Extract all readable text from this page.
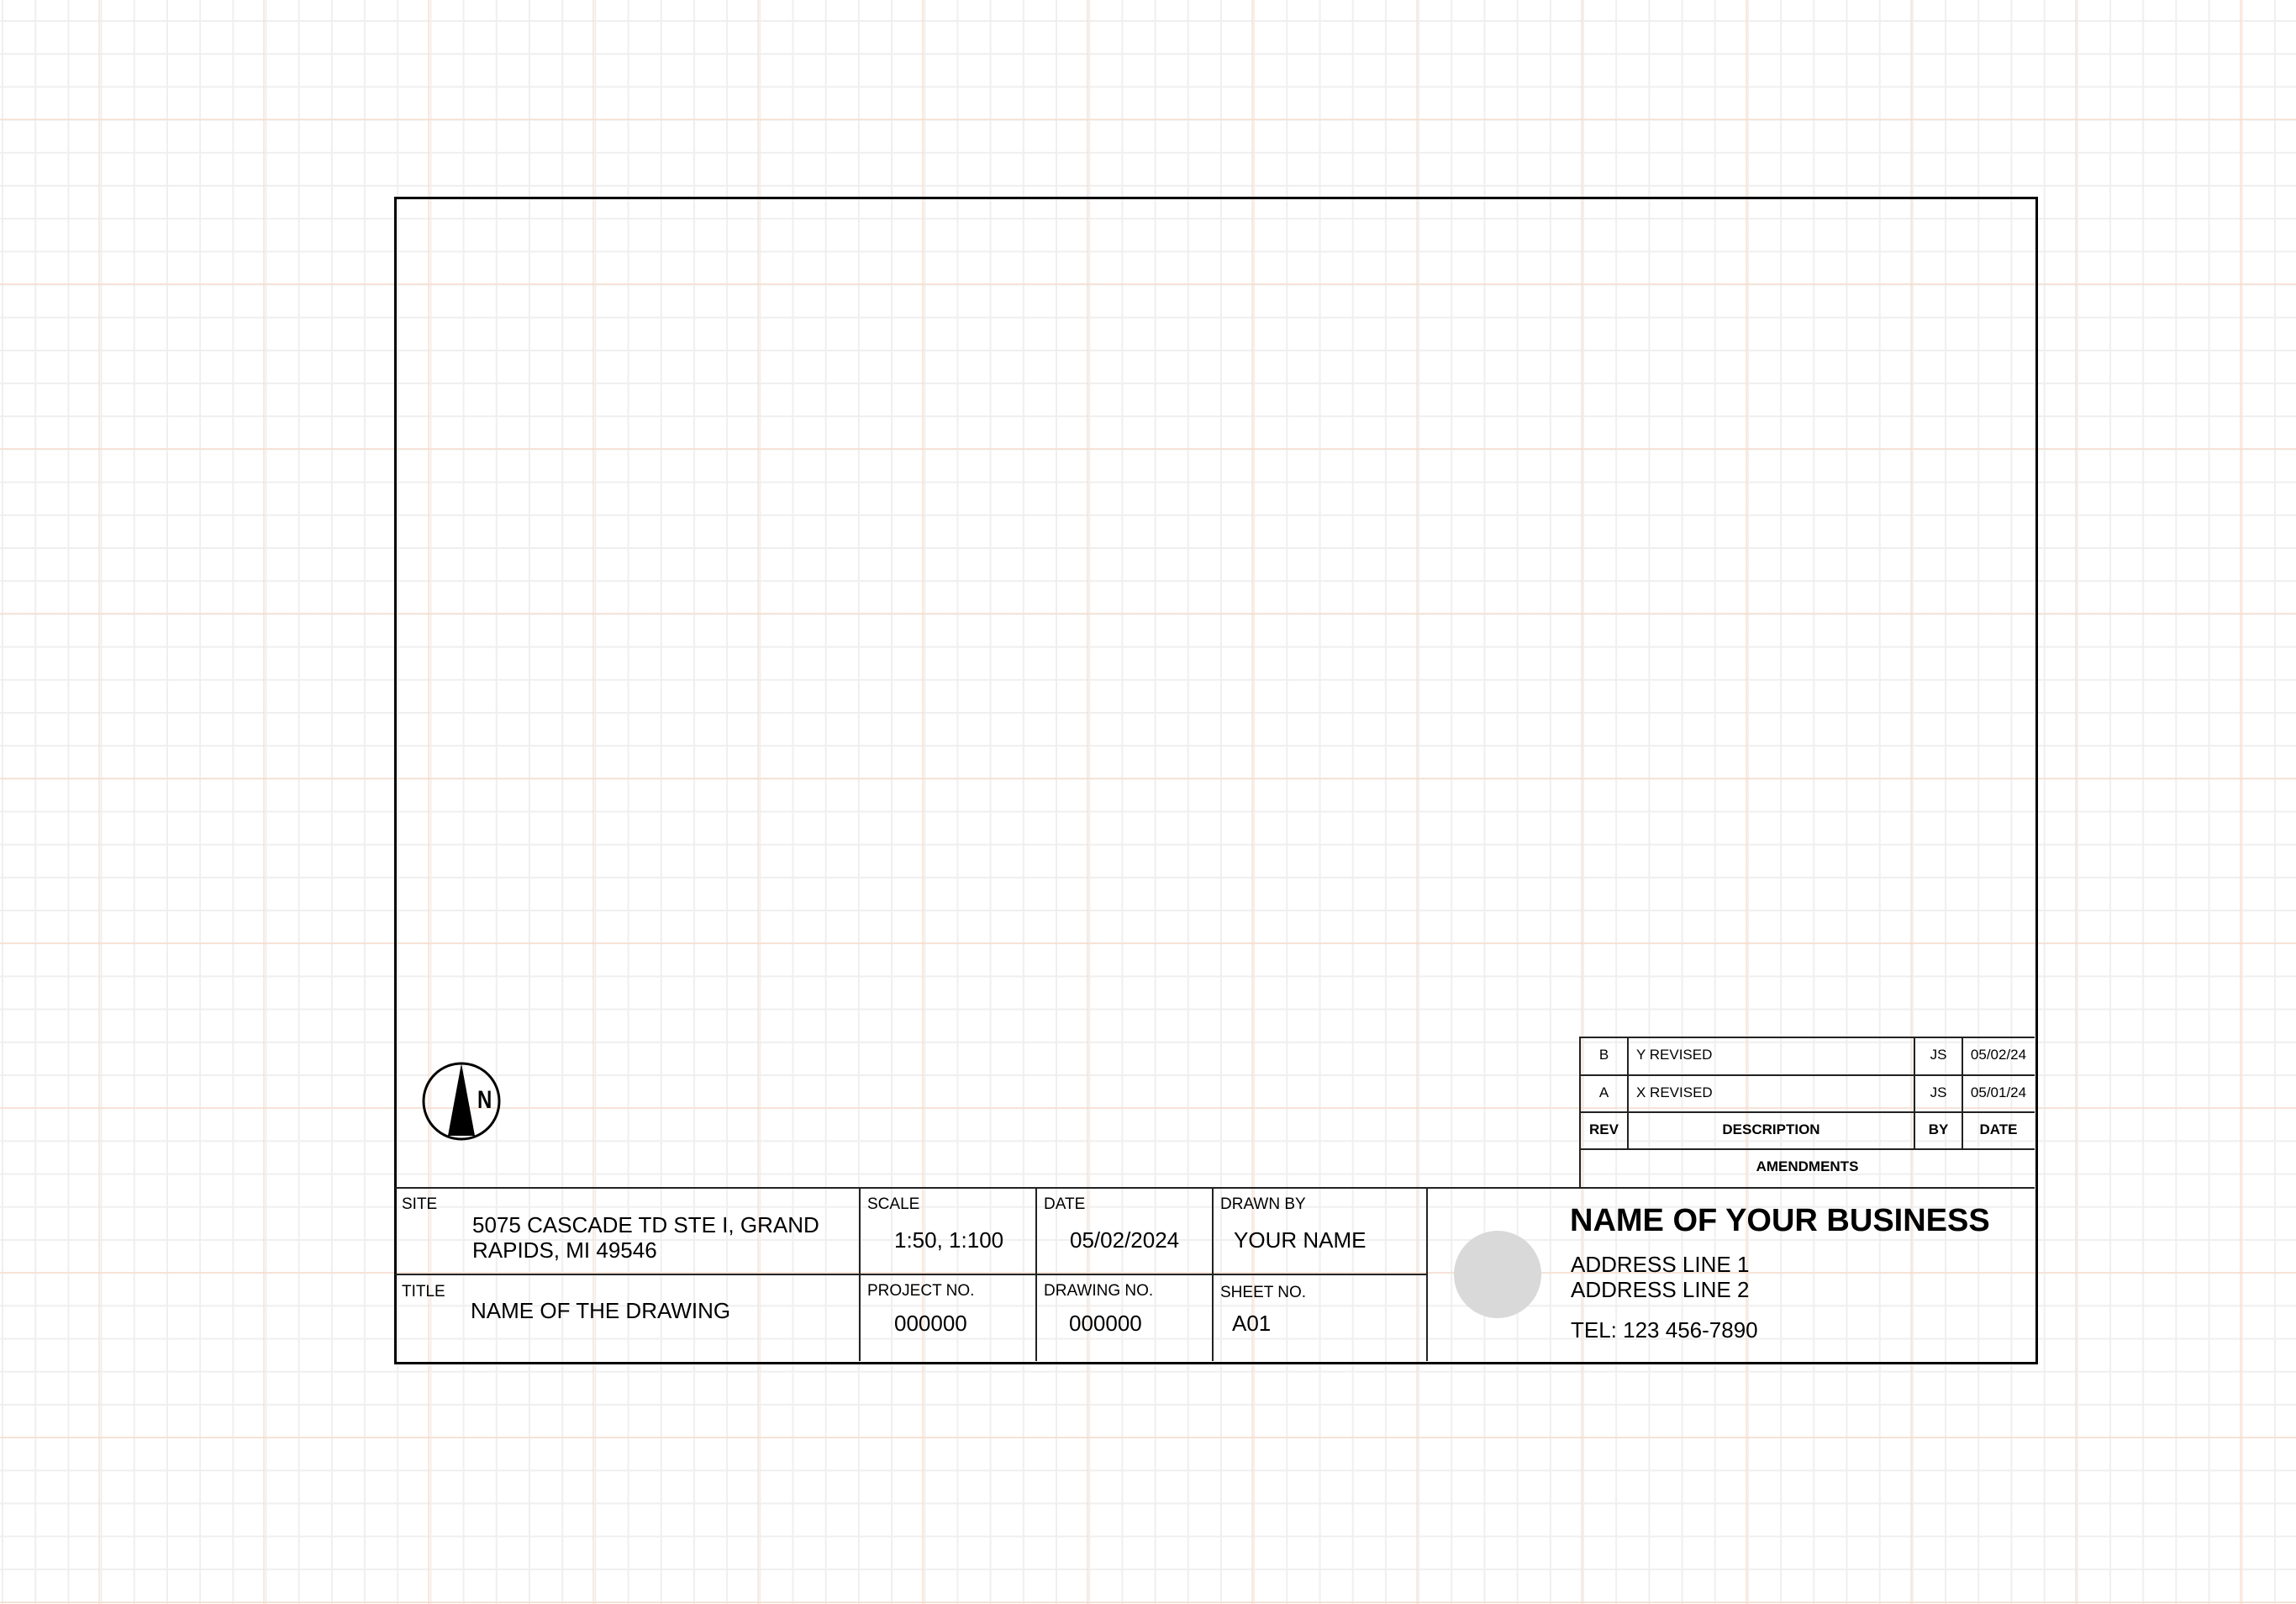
N
B	Y REVISED	JS	05/02/24
A	X REVISED	JS	05/01/24
REV	DESCRIPTION	BY	DATE
AMENDMENTS
SITE
5075 CASCADE TD STE I, GRAND
RAPIDS, MI 49546
TITLE
NAME OF THE DRAWING
SCALE
1:50, 1:100
DATE
05/02/2024
DRAWN BY
YOUR NAME
PROJECT NO.
000000
DRAWING NO.
000000
SHEET NO.
A01
NAME OF YOUR BUSINESS
ADDRESS LINE 1
ADDRESS LINE 2
TEL: 123 456-7890
